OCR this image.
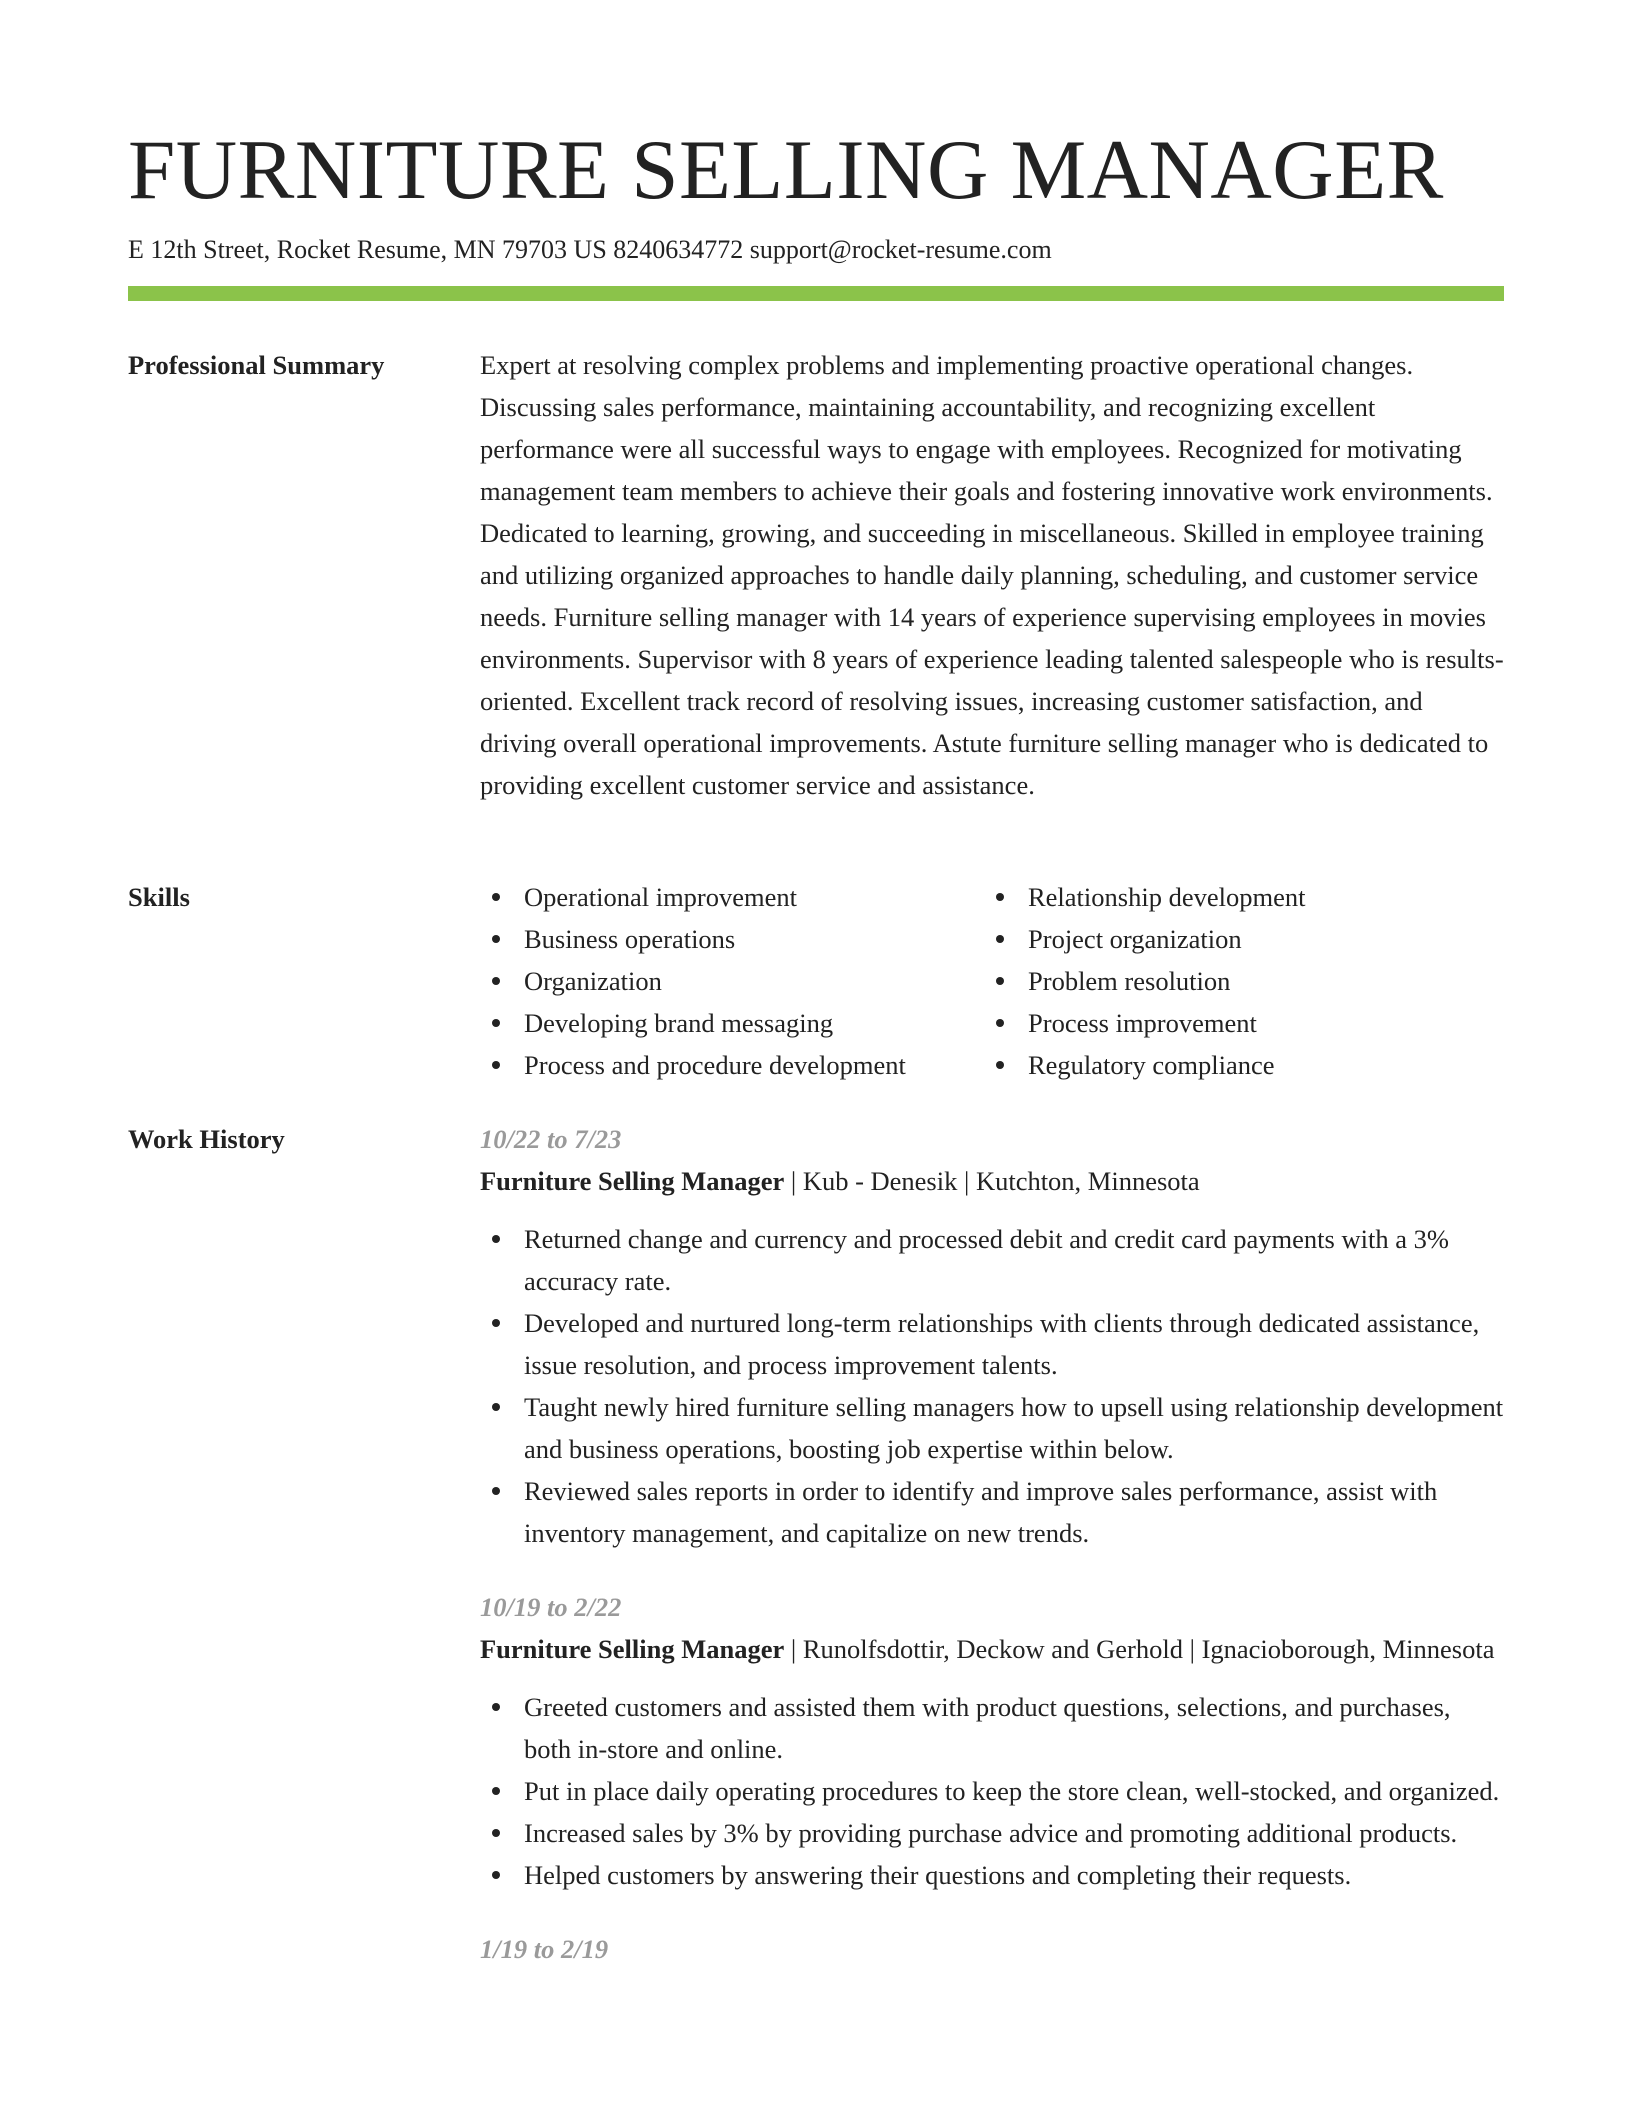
FURNITURE SELLING MANAGER
E 12th Street, Rocket Resume, MN 79703 US 8240634772 support@rocket-resume.com
Professional Summary	Expert at resolving complex problems and implementing proactive operational changes. Discussing sales performance, maintaining accountability, and recognizing excellent performance were all successful ways to engage with employees. Recognized for motivating management team members to achieve their goals and fostering innovative work environments. Dedicated to learning, growing, and succeeding in miscellaneous. Skilled in employee training and utilizing organized approaches to handle daily planning, scheduling, and customer service needs. Furniture selling manager with 14 years of experience supervising employees in movies environments. Supervisor with 8 years of experience leading talented salespeople who is results-oriented. Excellent track record of resolving issues, increasing customer satisfaction, and driving overall operational improvements. Astute furniture selling manager who is dedicated to providing excellent customer service and assistance.

Skills	Operational improvement
Business operations
Organization
Developing brand messaging
Process and procedure development
Relationship development
Project organization
Problem resolution
Process improvement
Regulatory compliance
Work History	10/22 to 7/23
Furniture Selling Manager | Kub - Denesik | Kutchton, Minnesota
Returned change and currency and processed debit and credit card payments with a 3% accuracy rate.
Developed and nurtured long-term relationships with clients through dedicated assistance, issue resolution, and process improvement talents.
Taught newly hired furniture selling managers how to upsell using relationship development and business operations, boosting job expertise within below.
Reviewed sales reports in order to identify and improve sales performance, assist with inventory management, and capitalize on new trends.
10/19 to 2/22
Furniture Selling Manager | Runolfsdottir, Deckow and Gerhold | Ignacioborough, Minnesota
Greeted customers and assisted them with product questions, selections, and purchases, both in-store and online.
Put in place daily operating procedures to keep the store clean, well-stocked, and organized.
Increased sales by 3% by providing purchase advice and promoting additional products.
Helped customers by answering their questions and completing their requests.
1/19 to 2/19
